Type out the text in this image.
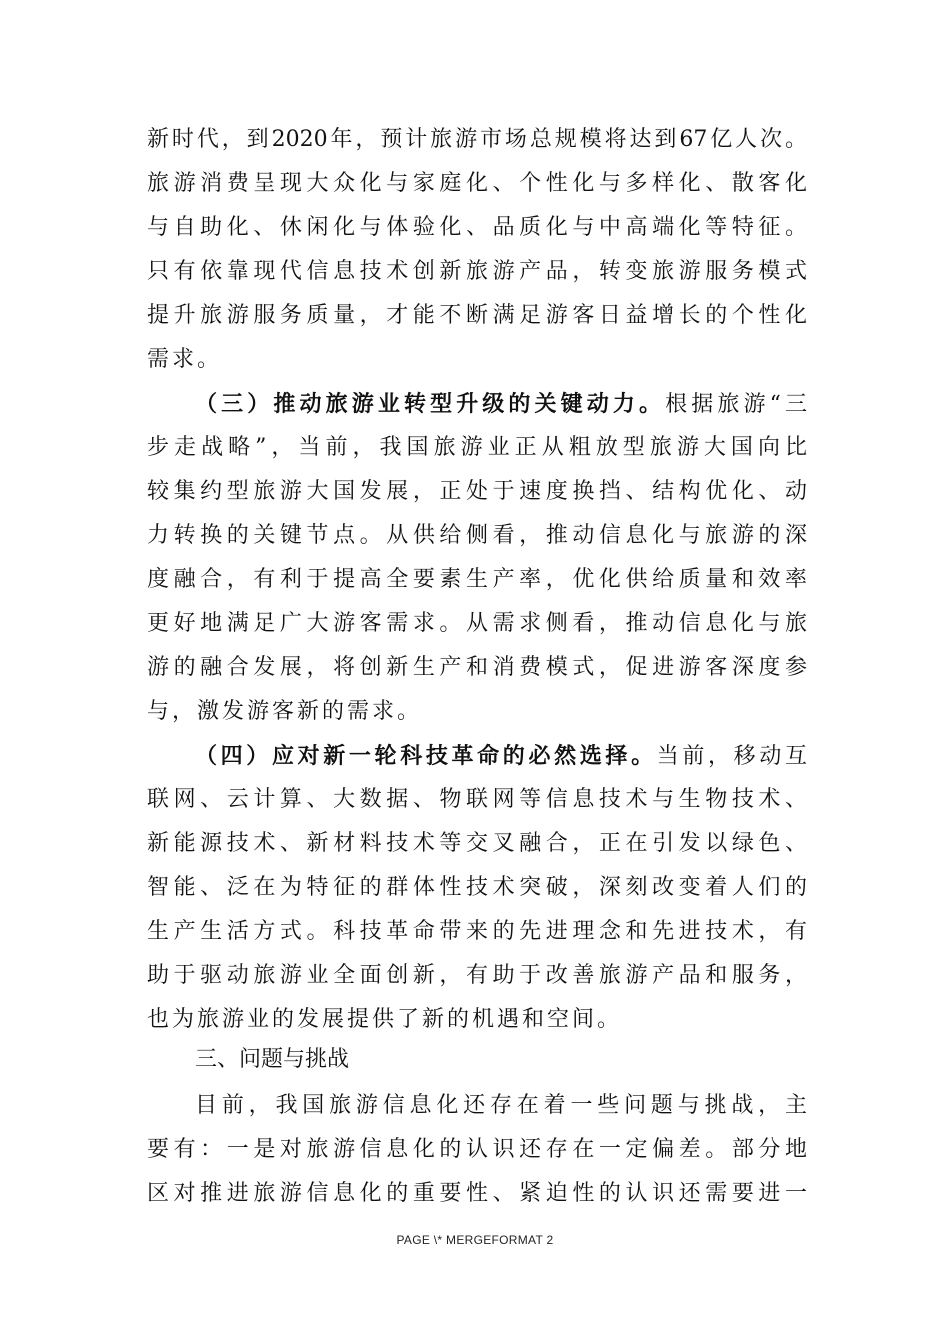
新时代，到2020年，预计旅游市场总规模将达到67亿人次。
旅游消费呈现大众化与家庭化、个性化与多样化、散客化
与自助化、休闲化与体验化、品质化与中高端化等特征。
只有依靠现代信息技术创新旅游产品，转变旅游服务模式
提升旅游服务质量，才能不断满足游客日益增长的个性化
需求。
（三）推动旅游业转型升级的关键动力。根据旅游“三
步走战略”，当前，我国旅游业正从粗放型旅游大国向比
较集约型旅游大国发展，正处于速度换挡、结构优化、动
力转换的关键节点。从供给侧看，推动信息化与旅游的深
度融合，有利于提高全要素生产率，优化供给质量和效率
更好地满足广大游客需求。从需求侧看，推动信息化与旅
游的融合发展，将创新生产和消费模式，促进游客深度参
与，激发游客新的需求。
（四）应对新一轮科技革命的必然选择。当前，移动互
联网、云计算、大数据、物联网等信息技术与生物技术、
新能源技术、新材料技术等交叉融合，正在引发以绿色、
智能、泛在为特征的群体性技术突破，深刻改变着人们的
生产生活方式。科技革命带来的先进理念和先进技术，有
助于驱动旅游业全面创新，有助于改善旅游产品和服务，
也为旅游业的发展提供了新的机遇和空间。
三、问题与挑战
目前，我国旅游信息化还存在着一些问题与挑战，主
要有：一是对旅游信息化的认识还存在一定偏差。部分地
区对推进旅游信息化的重要性、紧迫性的认识还需要进一
PAGE \* MERGEFORMAT 2
